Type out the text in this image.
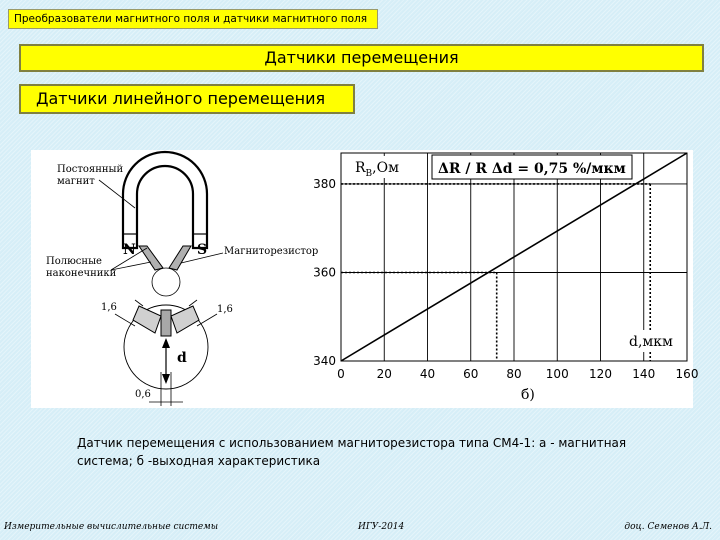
Преобразователи магнитного поля и датчики магнитного поля
Датчики перемещения
Датчики линейного перемещения
Постоянный
магнит
N	S Магниторезистор
Полюсные
наконечники
1,6	1,6
d
0,6
0	20 40 60 80 100 120 140 160
340
360
380
$R_B,Ом$	ΔR / R Δd = 0,75 %/мкм
d,мкм
б)
Датчик перемещения с использованием магниторезистора типа СМ4-1: а - магнитная система; б -выходная характеристика
Измерительные вычислительные системы	ИГУ-2014	доц. Семенов А.Л.
